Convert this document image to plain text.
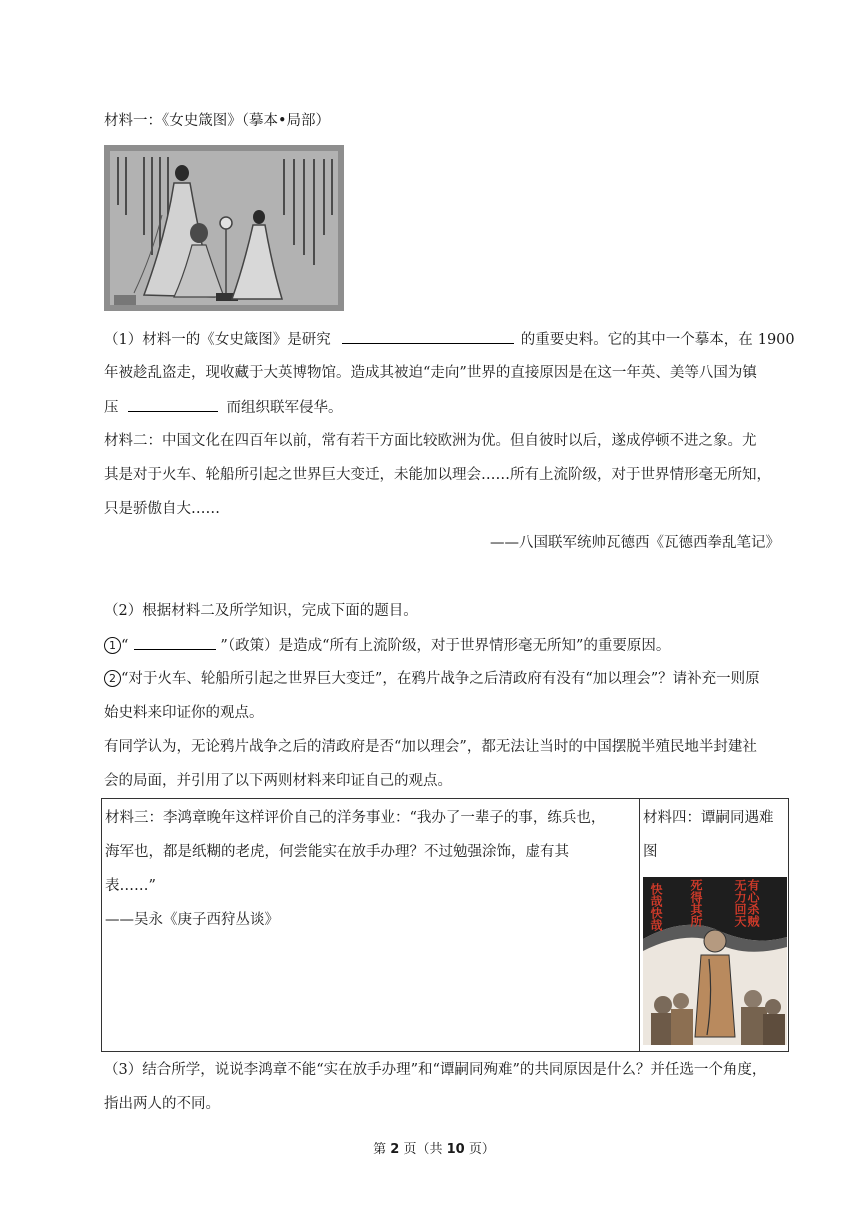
材料一：《女史箴图》（摹本•局部）
（1）材料一的《女史箴图》是研究	的重要史料。它的其中一个摹本，在 1900
年被趁乱盗走，现收藏于大英博物馆。造成其被迫“走向”世界的直接原因是在这一年英、美等八国为镇
压	而组织联军侵华。
材料二：中国文化在四百年以前，常有若干方面比较欧洲为优。但自彼时以后，遂成停顿不进之象。尤
其是对于火车、轮船所引起之世界巨大变迁，未能加以理会……所有上流阶级，对于世界情形毫无所知，
只是骄傲自大……
——八国联军统帅瓦德西《瓦德西拳乱笔记》
（2）根据材料二及所学知识，完成下面的题目。
1 “	”（政策）是造成“所有上流阶级，对于世界情形毫无所知”的重要原因。
2 “对于火车、轮船所引起之世界巨大变迁”，在鸦片战争之后清政府有没有“加以理会”？请补充一则原
始史料来印证你的观点。
有同学认为，无论鸦片战争之后的清政府是否“加以理会”，都无法让当时的中国摆脱半殖民地半封建社
会的局面，并引用了以下两则材料来印证自己的观点。
材料三：李鸿章晚年这样评价自己的洋务事业：“我办了一辈子的事，练兵也，
海军也，都是纸糊的老虎，何尝能实在放手办理？不过勉强涂饰，虚有其
表……”
——吴永《庚子西狩丛谈》
材料四：谭嗣同遇难
图
快哉快哉 死得其所	有心杀贼无力回天
（3）结合所学，说说李鸿章不能“实在放手办理”和“谭嗣同殉难”的共同原因是什么？并任选一个角度，
指出两人的不同。
第 2 页（共 10 页）
